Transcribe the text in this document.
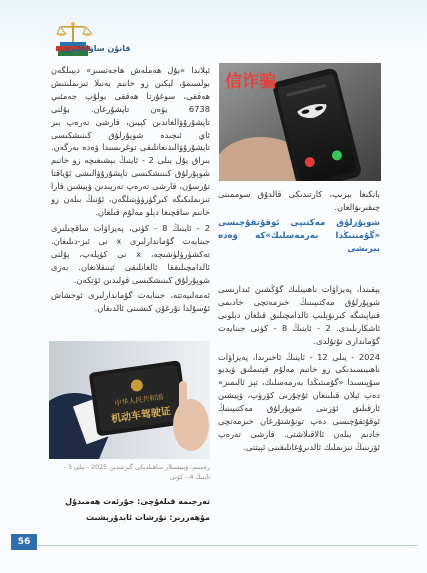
قانۇن ساۋاقلىرى

ئېلاندا «يۇل ھەملەش ھاجەتسىز» دېيىلگەن بولسىمۇ، لېكىن زو خانىم يەنىلا تىزىملىتىش ھەققى، سوغۇرتا ھەققى بولۇپ جەمئىي 6738 يۈەن تاپشۇرغان. يۇلنى تاپشۇرۇۋالغاندىن كېيىن، قارشى تەرەپ بىر ئاي ئىچىدە شوپۇرلۇق كىنىشكىسى تاپشۇرۇۋالىدىغانلىقى توغرىسىدا ۋەدە بەرگەن. بىراق يۇل يىلى 2 - ئاينىڭ بېشىغىچە زو خانىم شوپۇرلۇق كىنىشكىسى تاپشۇرۇۋالىشى ئۇياقتا تۇرسۇن، قارشى تەرەپ تەرپىدىن ۋېيشىن قارا تىزىملىكىگە كىرگۈزۈۋېتىلگەن، ئۇنىڭ بىلەن زو خانىم ساقچىغا دېلو مەلۇم قىلغان.

2 - ئاينىڭ 8 - كۈنى، پەيزاۋات ساقچىلىرى جىنايەت گۇماندارلىرى x نى ئىز-دىلىغان. تەكشۈرۈلۈشىچە، x نى كۆپلەپ، پۇلنى ئالدامچىلىققا ئالغانلىقى ئېنىقلانغان. بەزى شوپۇرلۇق كىنىشكىسى قولىدىن ئۆتكەن.

ئەمەلىيەتتە، جىنايەت گۇماندارلىرى ئوخشاش ئۇسۇلدا نۇرغۇن كىشىنى ئالدىغان.

信诈骗

بانكىغا بېرىپ، كارتىدىكى قالدۇق سوممىنى چىقىرىۋالغان.

شوپۇرلۇق مەكتىپى ئوقۇتقۇچىسى «گۇمىتىڭدا بەرمەسلىك»كە ۋەدە بېرىشى

يېقىندا، پەيزاۋات ناھىيىلىك گۇڭشىن ئىدارىسى شوپۇرلۇق مەكتىپىنىڭ خىزمەتچى خادىمى قىياپىتىگە كىرىۋېلىپ ئالدامچىلىق قىلغان دېلونى ئاشكارىلىدى. 2 - ئاينىڭ 8 - كۈنى جىنايەت گۇماندارى تۇتۇلدى.

2024 - يىلى 12 - ئاينىڭ ئاخىرىدا، پەيزاۋات ناھىيىسىدىكى زو خانىم مەلۇم قېتىملىق ۋېديو سۇپىسىدا «گۇمىتىڭدا بەرمەسلىك، تېز ئالىمىز» دەپ ئېلان قىلىنغان ئۇچۇرنى كۆرۈپ، ۋېيشىن ئارقىلىق ئۆزىنى شوپۇرلۇق مەكتىپىنىڭ ئوقۇتقۇچىسى دەپ تونۇشتۇرغان خىزمەتچى خادىم بىلەن ئالاقىلاشتى. قارشى تەرەپ ئۆزىنىڭ تىزىملىك ئالدىرۇغانلىقىنى ئېيتتى.

中华人民共和国
机动车驾驶证
رەسىم: ۋېيشىنلار ساھىلدىكى گېزىتىدىن 2025 - يىلى 3 - ئاينىڭ 4 - كۈنى
تەرجىمە قىلغۇچى: جۇرئەت ھەمىدۇل
مۇھەررىر: نۇرشات ئابدۇرېشىت
56
